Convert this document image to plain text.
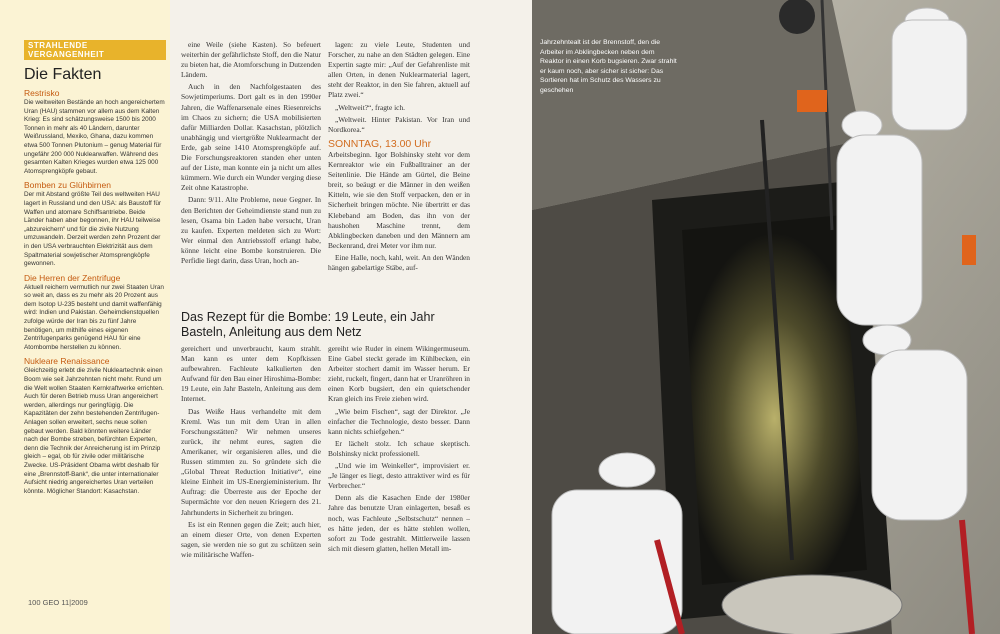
STRAHLENDE VERGANGENHEIT
Die Fakten
Restrisko

Die weltweiten Bestände an hoch angereichertem Uran (HAU) stammen vor allem aus dem Kalten Krieg: Es sind schätzungsweise 1500 bis 2000 Tonnen in mehr als 40 Ländern, darunter Weißrussland, Mexiko, Ghana, dazu kommen etwa 500 Tonnen Plutonium – genug Material für ungefähr 200 000 Nuklearwaffen. Während des gesamten Kalten Krieges wurden etwa 125 000 Atomsprengköpfe gebaut.

Bomben zu Glühbirnen

Der mit Abstand größte Teil des weltweiten HAU lagert in Russland und den USA: als Baustoff für Waffen und atomare Schiffsantriebe. Beide Länder haben aber begonnen, ihr HAU teilweise „abzureichern“ und für die zivile Nutzung umzuwandeln. Derzeit werden zehn Prozent der in den USA verbrauchten Elektrizität aus dem Spaltmaterial sowjetischer Atomsprengköpfe gewonnen.

Die Herren der Zentrifuge

Aktuell reichern vermutlich nur zwei Staaten Uran so weit an, dass es zu mehr als 20 Prozent aus dem Isotop U-235 besteht und damit waffenfähig wird: Indien und Pakistan. Geheimdienstquellen zufolge würde der Iran bis zu fünf Jahre benötigen, um mithilfe eines eigenen Zentrifugenparks genügend HAU für eine Atombombe herstellen zu können.

Nukleare Renaissance

Gleichzeitig erlebt die zivile Nukleartechnik einen Boom wie seit Jahrzehnten nicht mehr. Rund um die Welt wollen Staaten Kernkraftwerke errichten. Auch für deren Betrieb muss Uran angereichert werden, allerdings nur geringfügig. Die Kapazitäten der zehn bestehenden Zentrifugen-Anlagen sollen erweitert, sechs neue sollen gebaut werden. Bald könnten weitere Länder nach der Bombe streben, befürchten Experten, denn die Technik der Anreicherung ist im Prinzip gleich – egal, ob für zivile oder militärische Zwecke. US-Präsident Obama wirbt deshalb für eine „Brennstoff-Bank“, die unter internationaler Aufsicht niedrig angereichertes Uran verteilen könnte. Möglicher Standort: Kasachstan.

eine Weile (siehe Kasten). So befeuert weiterhin der gefährlichste Stoff, den die Natur zu bieten hat, die Atomforschung in Dutzenden Ländern.

Auch in den Nachfolgestaaten des Sowjetimperiums. Dort galt es in den 1990er Jahren, die Waffenarsenale eines Riesenreichs im Chaos zu sichern; die USA mobilisierten dafür Milliarden Dollar. Kasachstan, plötzlich unabhängig und viertgrößte Nuklearmacht der Erde, gab seine 1410 Atomsprengköpfe auf. Die Forschungsreaktoren standen eher unten auf der Liste, man konnte ein ja nicht um alles kümmern. Wie durch ein Wunder verging diese Zeit ohne Katastrophe.

Dann: 9/11. Alte Probleme, neue Gegner. In den Berichten der Geheimdienste stand nun zu lesen, Osama bin Laden habe versucht, Uran zu kaufen. Experten meldeten sich zu Wort: Wer einmal den Antriebsstoff erlangt habe, könne leicht eine Bombe konstruieren. Die Perfidie liegt darin, dass Uran, hoch an-

lagen: zu viele Leute, Studenten und Forscher, zu nahe an den Städten gelegen. Eine Expertin sagte mir: „Auf der Gefahrenliste mit allen Orten, in denen Nuklearmaterial lagert, steht der Reaktor, in den Sie fahren, aktuell auf Platz zwei.“

„Weltweit?“, fragte ich.

„Weltweit. Hinter Pakistan. Vor Iran und Nordkorea.“

SONNTAG, 13.00 Uhr

Arbeitsbeginn. Igor Bolshinsky steht vor dem Kernreaktor wie ein Fußballtrainer an der Seitenlinie. Die Hände am Gürtel, die Beine breit, so beäugt er die Männer in den weißen Kitteln, wie sie den Stoff verpacken, den er in Sicherheit bringen möchte. Nie übertritt er das Klebeband am Boden, das ihn von der haushohen Maschine trennt, dem Abklingbecken daneben und den Männern am Beckenrand, drei Meter vor ihm nur.

Eine Halle, noch, kahl, weit. An den Wänden hängen gabelartige Stäbe, auf-

Das Rezept für die Bombe: 19 Leute, ein Jahr Basteln, Anleitung aus dem Netz

gereichert und unverbraucht, kaum strahlt. Man kann es unter dem Kopfkissen aufbewahren. Fachleute kalkulierten den Aufwand für den Bau einer Hiroshima-Bombe: 19 Leute, ein Jahr Basteln, Anleitung aus dem Internet.

Das Weiße Haus verhandelte mit dem Kreml. Was tun mit dem Uran in allen Forschungsstätten? Wir nehmen unseres zurück, ihr nehmt eures, sagten die Amerikaner, wir organisieren alles, und die Russen stimmten zu. So gründete sich die „Global Threat Reduction Initiative“, eine kleine Einheit im US-Energieministerium. Ihr Auftrag: die Überreste aus der Epoche der Supermächte vor den neuen Kriegern des 21. Jahrhunderts in Sicherheit zu bringen.

Es ist ein Rennen gegen die Zeit; auch hier, an einem dieser Orte, von denen Experten sagen, sie werden nie so gut zu schützen sein wie militärische Waffen-

gereiht wie Ruder in einem Wikingermuseum. Eine Gabel steckt gerade im Kühlbecken, ein Arbeiter stochert damit im Wasser herum. Er zieht, ruckelt, fingert, dann hat er Uranröhren in einen Korb bugsiert, den ein quietschender Kran gleich ins Freie ziehen wird.

„Wie beim Fischen“, sagt der Direktor. „Je einfacher die Technologie, desto besser. Dann kann nichts schiefgehen.“

Er lächelt stolz. Ich schaue skeptisch. Bolshinsky nickt professionell.

„Und wie im Weinkeller“, improvisiert er. „Je länger es liegt, desto attraktiver wird es für Verbrecher.“

Denn als die Kasachen Ende der 1980er Jahre das benutzte Uran einlagerten, besaß es noch, was Fachleute „Selbstschutz“ nennen – es hätte jeden, der es hätte stehlen wollen, sofort zu Tode gestrahlt. Mittlerweile lassen sich mit diesem glatten, hellen Metall im-

100 GEO 11|2009
Jahrzehntealt ist der Brennstoff, den die Arbeiter im Abklingbecken neben dem Reaktor in einen Korb bugsieren. Zwar strahlt er kaum noch, aber sicher ist sicher: Das Sortieren hat im Schutz des Wassers zu geschehen
